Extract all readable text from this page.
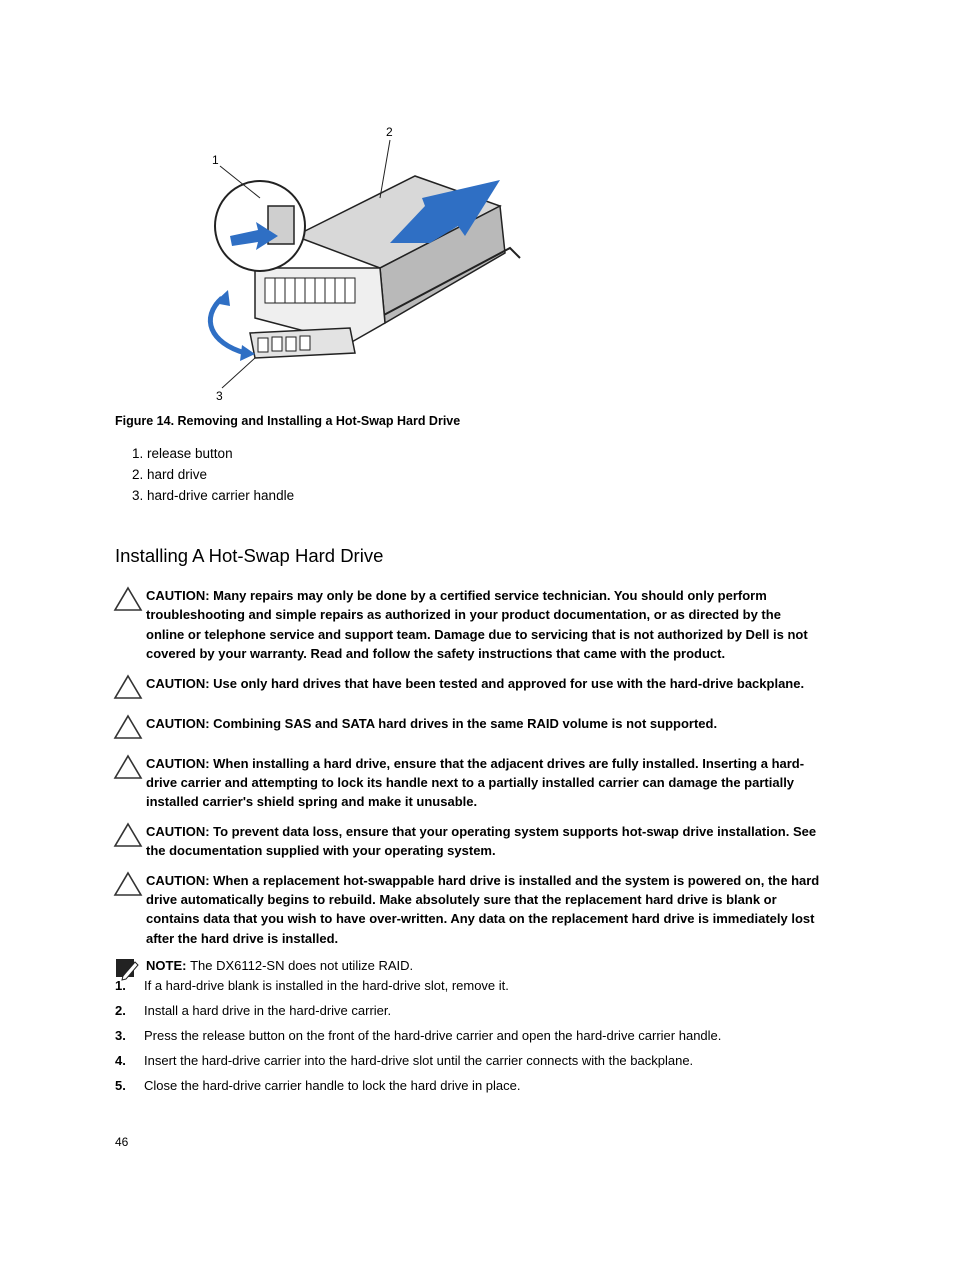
1
2
3
Figure 14. Removing and Installing a Hot-Swap Hard Drive
1. release button
2. hard drive
3. hard-drive carrier handle
Installing A Hot-Swap Hard Drive
CAUTION: Many repairs may only be done by a certified service technician. You should only perform troubleshooting and simple repairs as authorized in your product documentation, or as directed by the online or telephone service and support team. Damage due to servicing that is not authorized by Dell is not covered by your warranty. Read and follow the safety instructions that came with the product.
CAUTION: Use only hard drives that have been tested and approved for use with the hard-drive backplane.
CAUTION: Combining SAS and SATA hard drives in the same RAID volume is not supported.
CAUTION: When installing a hard drive, ensure that the adjacent drives are fully installed. Inserting a hard-drive carrier and attempting to lock its handle next to a partially installed carrier can damage the partially installed carrier's shield spring and make it unusable.
CAUTION: To prevent data loss, ensure that your operating system supports hot-swap drive installation. See the documentation supplied with your operating system.
CAUTION: When a replacement hot-swappable hard drive is installed and the system is powered on, the hard drive automatically begins to rebuild. Make absolutely sure that the replacement hard drive is blank or contains data that you wish to have over-written. Any data on the replacement hard drive is immediately lost after the hard drive is installed.
NOTE: The DX6112-SN does not utilize RAID.
1.	If a hard-drive blank is installed in the hard-drive slot, remove it.
2.	Install a hard drive in the hard-drive carrier.
3.	Press the release button on the front of the hard-drive carrier and open the hard-drive carrier handle.
4.	Insert the hard-drive carrier into the hard-drive slot until the carrier connects with the backplane.
5.	Close the hard-drive carrier handle to lock the hard drive in place.
46
